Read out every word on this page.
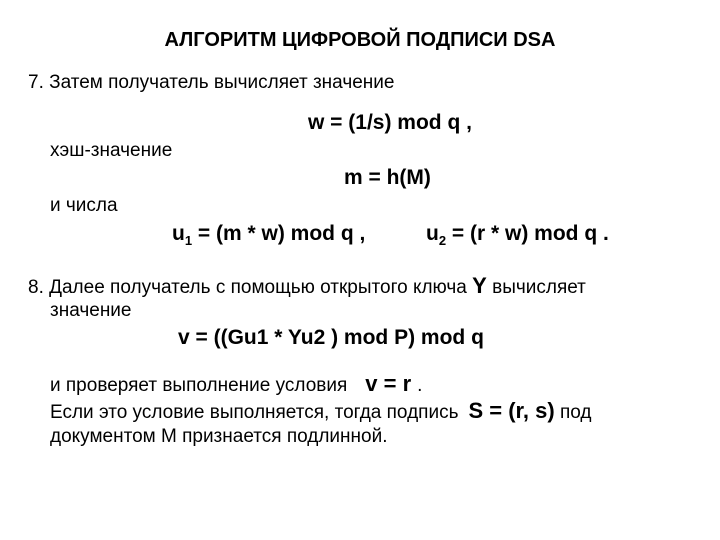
АЛГОРИТМ ЦИФРОВОЙ ПОДПИСИ DSA
7. Затем получатель вычисляет значение
w = (1/s) mod q ,
хэш-значение
m = h(M)
и числа
$u_1 = (m * w)$ mod q ,	$u_2 = (r * w)$ mod q .
8. Далее получатель с помощью открытого ключа Y вычисляет
значение
v = ((Gu1 * Yu2 ) mod P) mod q
и проверяет выполнение условия v = r .
Если это условие выполняется, тогда подпись S = (r, s) под
документом М признается подлинной.
